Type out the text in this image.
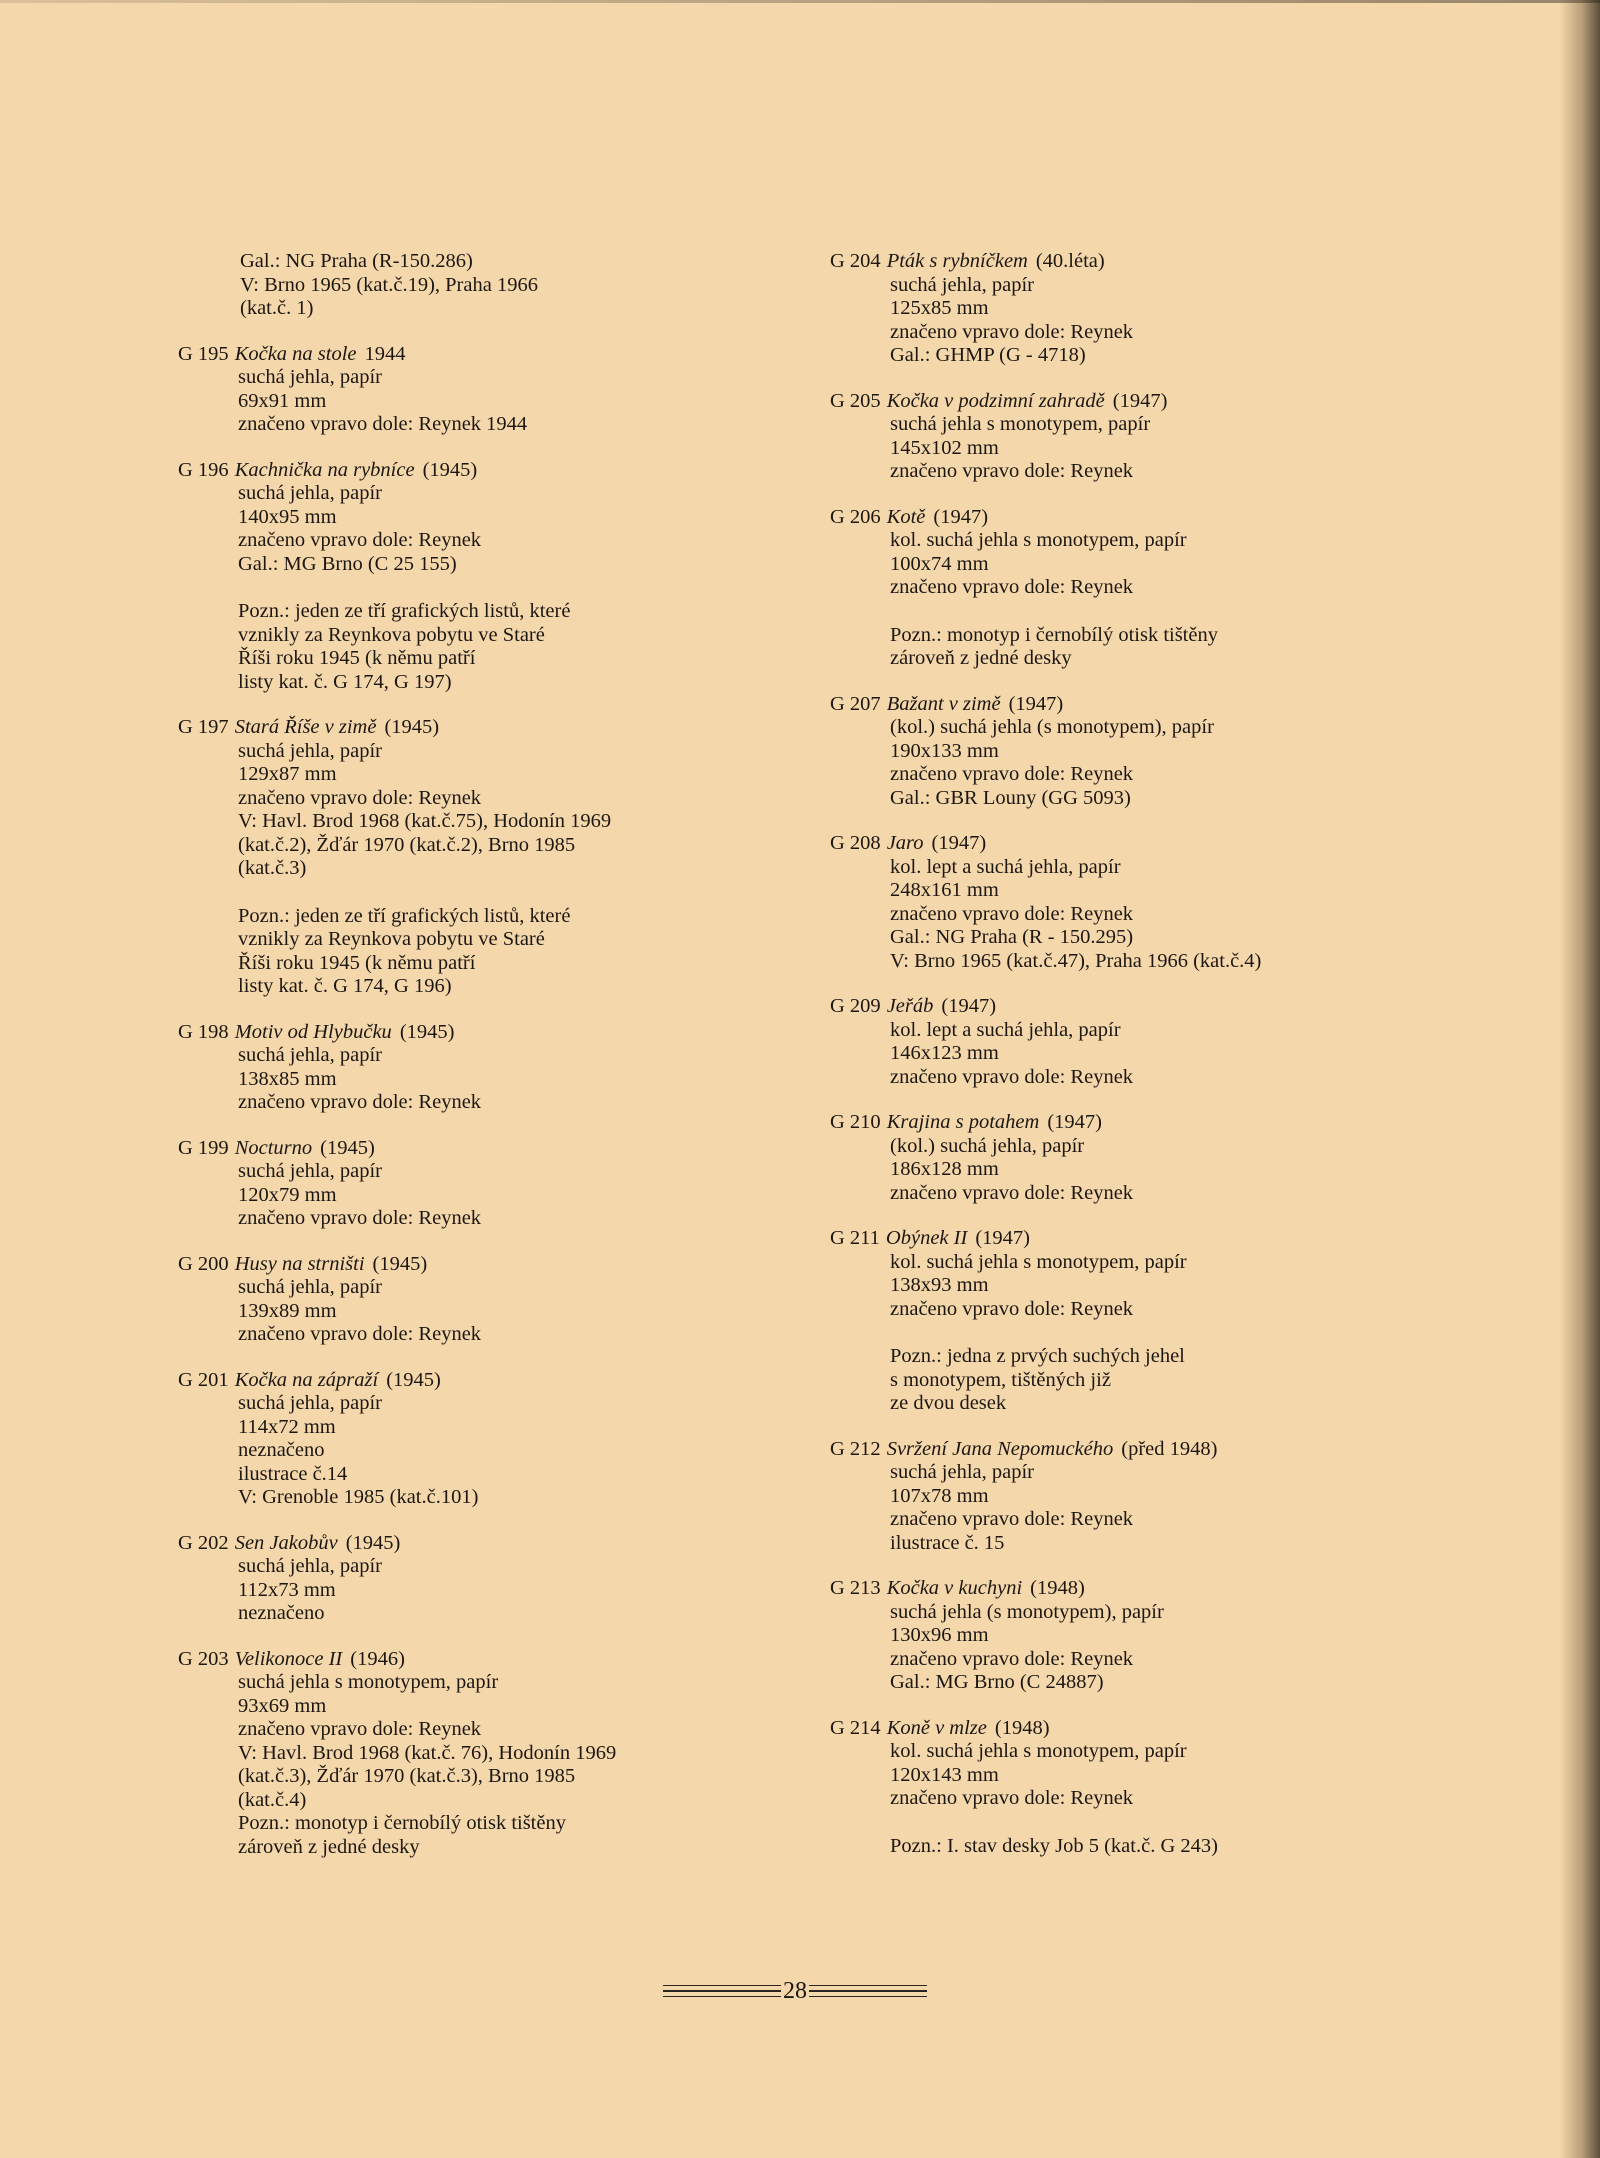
Gal.: NG Praha (R-150.286)
V: Brno 1965 (kat.č.19), Praha 1966
(kat.č. 1)
G 195 Kočka na stole 1944
suchá jehla, papír
69x91 mm
značeno vpravo dole: Reynek 1944
G 196 Kachnička na rybníce (1945)
suchá jehla, papír
140x95 mm
značeno vpravo dole: Reynek
Gal.: MG Brno (C 25 155)
Pozn.: jeden ze tří grafických listů, které
vznikly za Reynkova pobytu ve Staré
Říši roku 1945 (k němu patří
listy kat. č. G 174, G 197)
G 197 Stará Říše v zimě (1945)
suchá jehla, papír
129x87 mm
značeno vpravo dole: Reynek
V: Havl. Brod 1968 (kat.č.75), Hodonín 1969
(kat.č.2), Žďár 1970 (kat.č.2), Brno 1985
(kat.č.3)
Pozn.: jeden ze tří grafických listů, které
vznikly za Reynkova pobytu ve Staré
Říši roku 1945 (k němu patří
listy kat. č. G 174, G 196)
G 198 Motiv od Hlybučku (1945)
suchá jehla, papír
138x85 mm
značeno vpravo dole: Reynek
G 199 Nocturno (1945)
suchá jehla, papír
120x79 mm
značeno vpravo dole: Reynek
G 200 Husy na strništi (1945)
suchá jehla, papír
139x89 mm
značeno vpravo dole: Reynek
G 201 Kočka na zápraží (1945)
suchá jehla, papír
114x72 mm
neznačeno
ilustrace č.14
V: Grenoble 1985 (kat.č.101)
G 202 Sen Jakobův (1945)
suchá jehla, papír
112x73 mm
neznačeno
G 203 Velikonoce II (1946)
suchá jehla s monotypem, papír
93x69 mm
značeno vpravo dole: Reynek
V: Havl. Brod 1968 (kat.č. 76), Hodonín 1969
(kat.č.3), Žďár 1970 (kat.č.3), Brno 1985
(kat.č.4)
Pozn.: monotyp i černobílý otisk tištěny
zároveň z jedné desky
G 204 Pták s rybníčkem (40.léta)
suchá jehla, papír
125x85 mm
značeno vpravo dole: Reynek
Gal.: GHMP (G - 4718)
G 205 Kočka v podzimní zahradě (1947)
suchá jehla s monotypem, papír
145x102 mm
značeno vpravo dole: Reynek
G 206 Kotě (1947)
kol. suchá jehla s monotypem, papír
100x74 mm
značeno vpravo dole: Reynek
Pozn.: monotyp i černobílý otisk tištěny
zároveň z jedné desky
G 207 Bažant v zimě (1947)
(kol.) suchá jehla (s monotypem), papír
190x133 mm
značeno vpravo dole: Reynek
Gal.: GBR Louny (GG 5093)
G 208 Jaro (1947)
kol. lept a suchá jehla, papír
248x161 mm
značeno vpravo dole: Reynek
Gal.: NG Praha (R - 150.295)
V: Brno 1965 (kat.č.47), Praha 1966 (kat.č.4)
G 209 Jeřáb (1947)
kol. lept a suchá jehla, papír
146x123 mm
značeno vpravo dole: Reynek
G 210 Krajina s potahem (1947)
(kol.) suchá jehla, papír
186x128 mm
značeno vpravo dole: Reynek
G 211 Obýnek II (1947)
kol. suchá jehla s monotypem, papír
138x93 mm
značeno vpravo dole: Reynek
Pozn.: jedna z prvých suchých jehel
s monotypem, tištěných již
ze dvou desek
G 212 Svržení Jana Nepomuckého (před 1948)
suchá jehla, papír
107x78 mm
značeno vpravo dole: Reynek
ilustrace č. 15
G 213 Kočka v kuchyni (1948)
suchá jehla (s monotypem), papír
130x96 mm
značeno vpravo dole: Reynek
Gal.: MG Brno (C 24887)
G 214 Koně v mlze (1948)
kol. suchá jehla s monotypem, papír
120x143 mm
značeno vpravo dole: Reynek
Pozn.: I. stav desky Job 5 (kat.č. G 243)
28
